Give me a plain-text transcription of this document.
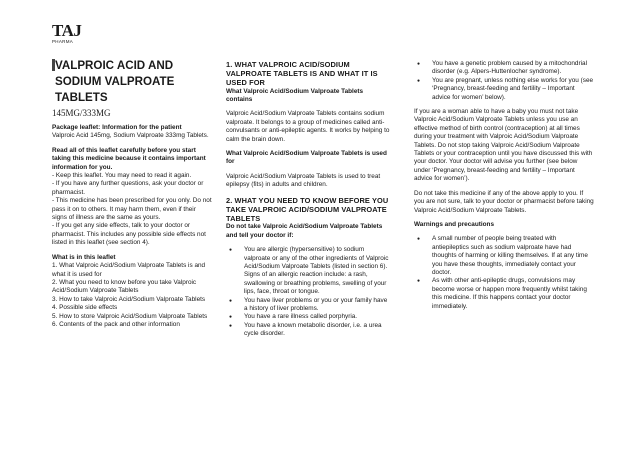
TAJ
PHARMA

VALPROIC ACID AND

SODIUM VALPROATE

TABLETS

145MG/333MG

Package leaflet: Information for the patient

Valproic Acid 145mg, Sodium Valproate 333mg Tablets.

Read all of this leaflet carefully before you start taking this medicine because it contains important information for you.

- Keep this leaflet. You may need to read it again.

- If you have any further questions, ask your doctor or pharmacist.

- This medicine has been prescribed for you only. Do not pass it on to others. It may harm them, even if their signs of illness are the same as yours.

- If you get any side effects, talk to your doctor or pharmacist. This includes any possible side effects not listed in this leaflet (see section 4).

What is in this leaflet

1. What Valproic Acid/Sodium Valproate Tablets is and what it is used for

2. What you need to know before you take Valproic Acid/Sodium Valproate Tablets

3. How to take Valproic Acid/Sodium Valproate Tablets

4. Possible side effects

5. How to store Valproic Acid/Sodium Valproate Tablets

6. Contents of the pack and other information

1. WHAT VALPROIC ACID/SODIUM VALPROATE TABLETS IS AND WHAT IT IS USED FOR

What Valproic Acid/Sodium Valproate Tablets contains

Valproic Acid/Sodium Valproate Tablets contains sodium valproate. It belongs to a group of medicines called anti-convulsants or anti-epileptic agents. It works by helping to calm the brain down.

What Valproic Acid/Sodium Valproate Tablets is used for

Valproic Acid/Sodium Valproate Tablets is used to treat epilepsy (fits) in adults and children.

2. WHAT YOU NEED TO KNOW BEFORE YOU TAKE VALPROIC ACID/SODIUM VALPROATE TABLETS

Do not take Valproic Acid/Sodium Valproate Tablets and tell your doctor if:

● You are allergic (hypersensitive) to sodium valproate or any of the other ingredients of Valproic Acid/Sodium Valproate Tablets (listed in section 6). Signs of an allergic reaction include: a rash, swallowing or breathing problems, swelling of your lips, face, throat or tongue.
● You have liver problems or you or your family have a history of liver problems.
● You have a rare illness called porphyria.
● You have a known metabolic disorder, i.e. a urea cycle disorder.
● You have a genetic problem caused by a mitochondrial disorder (e.g. Alpers-Huttenlocher syndrome).
● You are pregnant, unless nothing else works for you (see ‘Pregnancy, breast-feeding and fertility – Important advice for women’ below).

If you are a woman able to have a baby you must not take Valproic Acid/Sodium Valproate Tablets unless you use an effective method of birth control (contraception) at all times during your treatment with Valproic Acid/Sodium Valproate Tablets. Do not stop taking Valproic Acid/Sodium Valproate Tablets or your contraception until you have discussed this with your doctor. Your doctor will advise you further (see below under ‘Pregnancy, breast-feeding and fertility – Important advice for women’).

Do not take this medicine if any of the above apply to you. If you are not sure, talk to your doctor or pharmacist before taking Valproic Acid/Sodium Valproate Tablets.

Warnings and precautions

● A small number of people being treated with antiepileptics such as sodium valproate have had thoughts of harming or killing themselves. If at any time you have these thoughts, immediately contact your doctor.
● As with other anti-epileptic drugs, convulsions may become worse or happen more frequently whilst taking this medicine. If this happens contact your doctor immediately.
